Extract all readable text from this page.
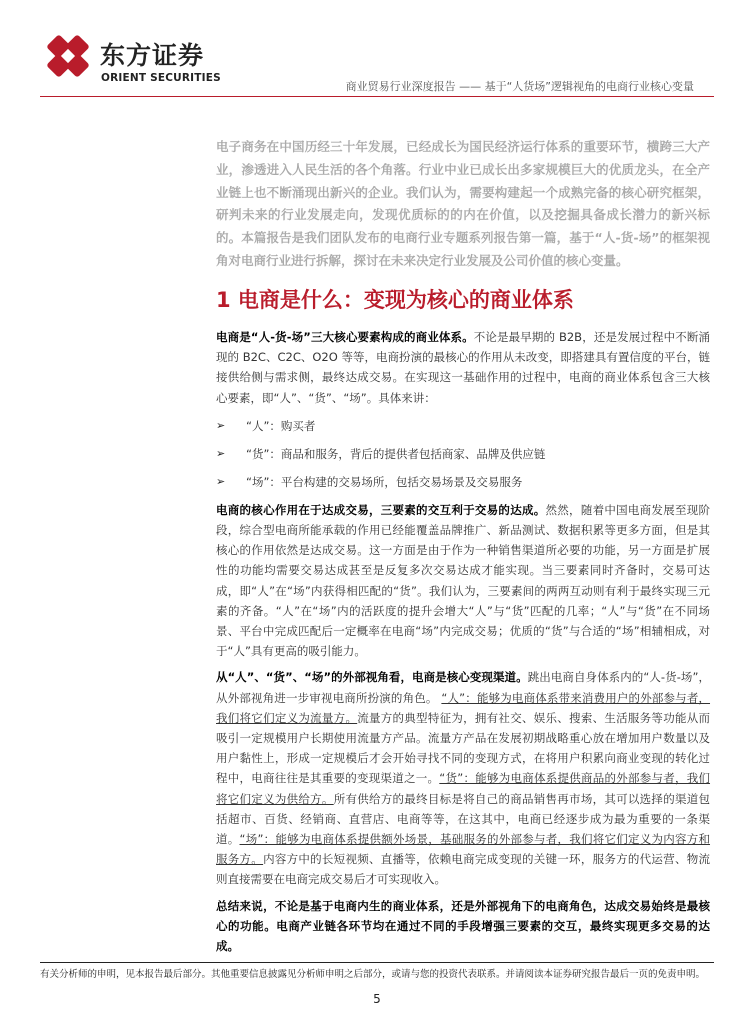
东方证券
ORIENT SECURITIES
商业贸易行业深度报告 —— 基于“人货场”逻辑视角的电商行业核心变量
电子商务在中国历经三十年发展，已经成长为国民经济运行体系的重要环节，横跨三大产业，渗透进入人民生活的各个角落。行业中业已成长出多家规模巨大的优质龙头，在全产业链上也不断涌现出新兴的企业。我们认为，需要构建起一个成熟完备的核心研究框架，研判未来的行业发展走向，发现优质标的的内在价值，以及挖掘具备成长潜力的新兴标的。本篇报告是我们团队发布的电商行业专题系列报告第一篇，基于“人-货-场”的框架视角对电商行业进行拆解，探讨在未来决定行业发展及公司价值的核心变量。
1 电商是什么：变现为核心的商业体系

电商是“人-货-场”三大核心要素构成的商业体系。不论是最早期的 B2B，还是发展过程中不断涌现的 B2C、C2C、O2O 等等，电商扮演的最核心的作用从未改变，即搭建具有置信度的平台，链接供给侧与需求侧，最终达成交易。在实现这一基础作用的过程中，电商的商业体系包含三大核心要素，即“人”、“货”、“场”。具体来讲：

➢	“人”：购买者
➢	“货”：商品和服务，背后的提供者包括商家、品牌及供应链
➢	“场”：平台构建的交易场所，包括交易场景及交易服务

电商的核心作用在于达成交易，三要素的交互利于交易的达成。然然，随着中国电商发展至现阶段，综合型电商所能承载的作用已经能覆盖品牌推广、新品测试、数据积累等更多方面，但是其核心的作用依然是达成交易。这一方面是由于作为一种销售渠道所必要的功能，另一方面是扩展性的功能均需要交易达成甚至是反复多次交易达成才能实现。当三要素同时齐备时，交易可达成，即“人”在“场”内获得相匹配的“货”。我们认为，三要素间的两两互动则有利于最终实现三元素的齐备。“人”在“场”内的活跃度的提升会增大“人”与“货”匹配的几率；“人”与“货”在不同场景、平台中完成匹配后一定概率在电商“场”内完成交易；优质的“货”与合适的“场”相辅相成，对于“人”具有更高的吸引能力。

从“人”、“货”、“场”的外部视角看，电商是核心变现渠道。跳出电商自身体系内的“人-货-场”，从外部视角进一步审视电商所扮演的角色。 “人”：能够为电商体系带来消费用户的外部参与者，我们将它们定义为流量方。流量方的典型特征为，拥有社交、娱乐、搜索、生活服务等功能从而吸引一定规模用户长期使用流量方产品。流量方产品在发展初期战略重心放在增加用户数量以及用户黏性上，形成一定规模后才会开始寻找不同的变现方式，在将用户积累向商业变现的转化过程中，电商往往是其重要的变现渠道之一。“货”：能够为电商体系提供商品的外部参与者，我们将它们定义为供给方。所有供给方的最终目标是将自己的商品销售再市场，其可以选择的渠道包括超市、百货、经销商、直营店、电商等等，在这其中，电商已经逐步成为最为重要的一条渠道。“场”：能够为电商体系提供额外场景，基础服务的外部参与者，我们将它们定义为内容方和服务方。内容方中的长短视频、直播等，依赖电商完成变现的关键一环，服务方的代运营、物流则直接需要在电商完成交易后才可实现收入。

总结来说，不论是基于电商内生的商业体系，还是外部视角下的电商角色，达成交易始终是最核心的功能。电商产业链各环节均在通过不同的手段增强三要素的交互，最终实现更多交易的达成。

有关分析师的申明，见本报告最后部分。其他重要信息披露见分析师申明之后部分，或请与您的投资代表联系。并请阅读本证券研究报告最后一页的免责申明。
5
